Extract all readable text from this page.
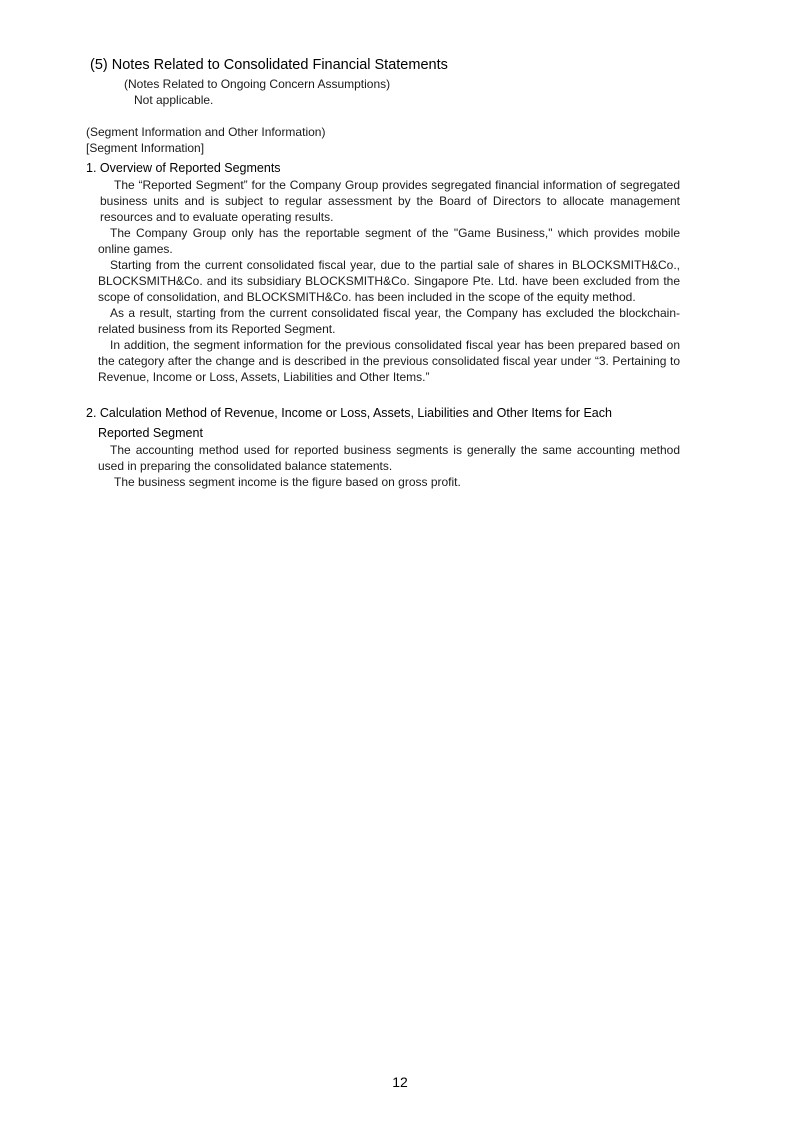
(5) Notes Related to Consolidated Financial Statements
(Notes Related to Ongoing Concern Assumptions)
Not applicable.
(Segment Information and Other Information)
[Segment Information]
1. Overview of Reported Segments
The “Reported Segment” for the Company Group provides segregated financial information of segregated business units and is subject to regular assessment by the Board of Directors to allocate management resources and to evaluate operating results.
The Company Group only has the reportable segment of the "Game Business," which provides mobile online games.
Starting from the current consolidated fiscal year, due to the partial sale of shares in BLOCKSMITH&Co., BLOCKSMITH&Co. and its subsidiary BLOCKSMITH&Co. Singapore Pte. Ltd. have been excluded from the scope of consolidation, and BLOCKSMITH&Co. has been included in the scope of the equity method.
As a result, starting from the current consolidated fiscal year, the Company has excluded the blockchain-related business from its Reported Segment.
In addition, the segment information for the previous consolidated fiscal year has been prepared based on the category after the change and is described in the previous consolidated fiscal year under “3. Pertaining to Revenue, Income or Loss, Assets, Liabilities and Other Items.”
2. Calculation Method of Revenue, Income or Loss, Assets, Liabilities and Other Items for Each
Reported Segment
The accounting method used for reported business segments is generally the same accounting method used in preparing the consolidated balance statements.
The business segment income is the figure based on gross profit.
12
